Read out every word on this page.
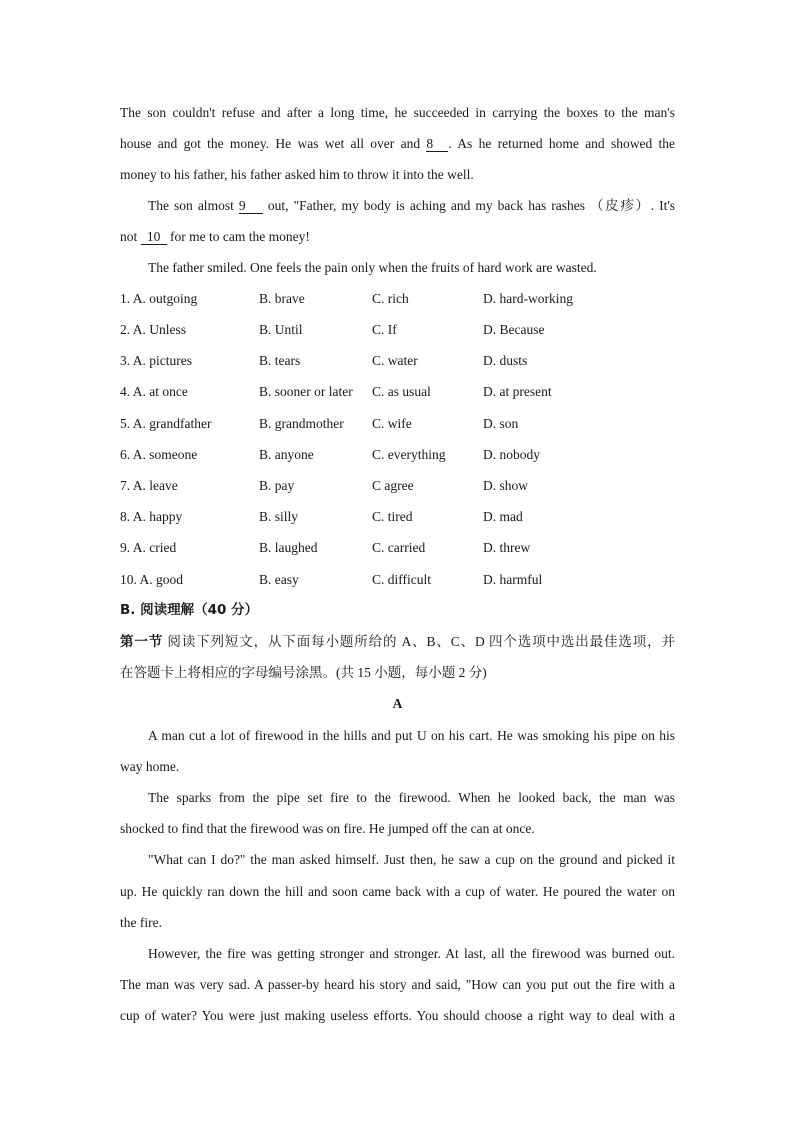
The son couldn't refuse and after a long time, he succeeded in carrying the boxes to the man's
house and got the money. He was wet all over and 8 . As he returned home and showed the
money to his father, his father asked him to throw it into the well.
The son almost 9 out, "Father, my body is aching and my back has rashes （皮疹）. It's
not 10 for me to cam the money!
The father smiled. One feels the pain only when the fruits of hard work are wasted.
1. A. outgoing	B. brave	C. rich	D. hard-working
2. A. Unless	B. Until	C. If	D. Because
3. A. pictures	B. tears	C. water	D. dusts
4. A. at once	B. sooner or later C. as usual	D. at present
5. A. grandfather	B. grandmother C. wife	D. son
6. A. someone	B. anyone	C. everything	D. nobody
7. A. leave	B. pay	C agree	D. show
8. A. happy	B. silly	C. tired	D. mad
9. A. cried	B. laughed	C. carried	D. threw
10. A. good	B. easy	C. difficult	D. harmful
B. 阅读理解（40 分）
第一节 阅读下列短文，从下面每小题所给的 A、B、C、D 四个选项中选出最佳选项，并
在答题卡上将相应的字母编号涂黑。(共 15 小题，每小题 2 分)
A
A man cut a lot of firewood in the hills and put U on his cart. He was smoking his pipe on his
way home.
The sparks from the pipe set fire to the firewood. When he looked back, the man was
shocked to find that the firewood was on fire. He jumped off the can at once.
"What can I do?" the man asked himself. Just then, he saw a cup on the ground and picked it
up. He quickly ran down the hill and soon came back with a cup of water. He poured the water on
the fire.
However, the fire was getting stronger and stronger. At last, all the firewood was burned out.
The man was very sad. A passer-by heard his story and said, "How can you put out the fire with a
cup of water? You were just making useless efforts. You should choose a right way to deal with a
